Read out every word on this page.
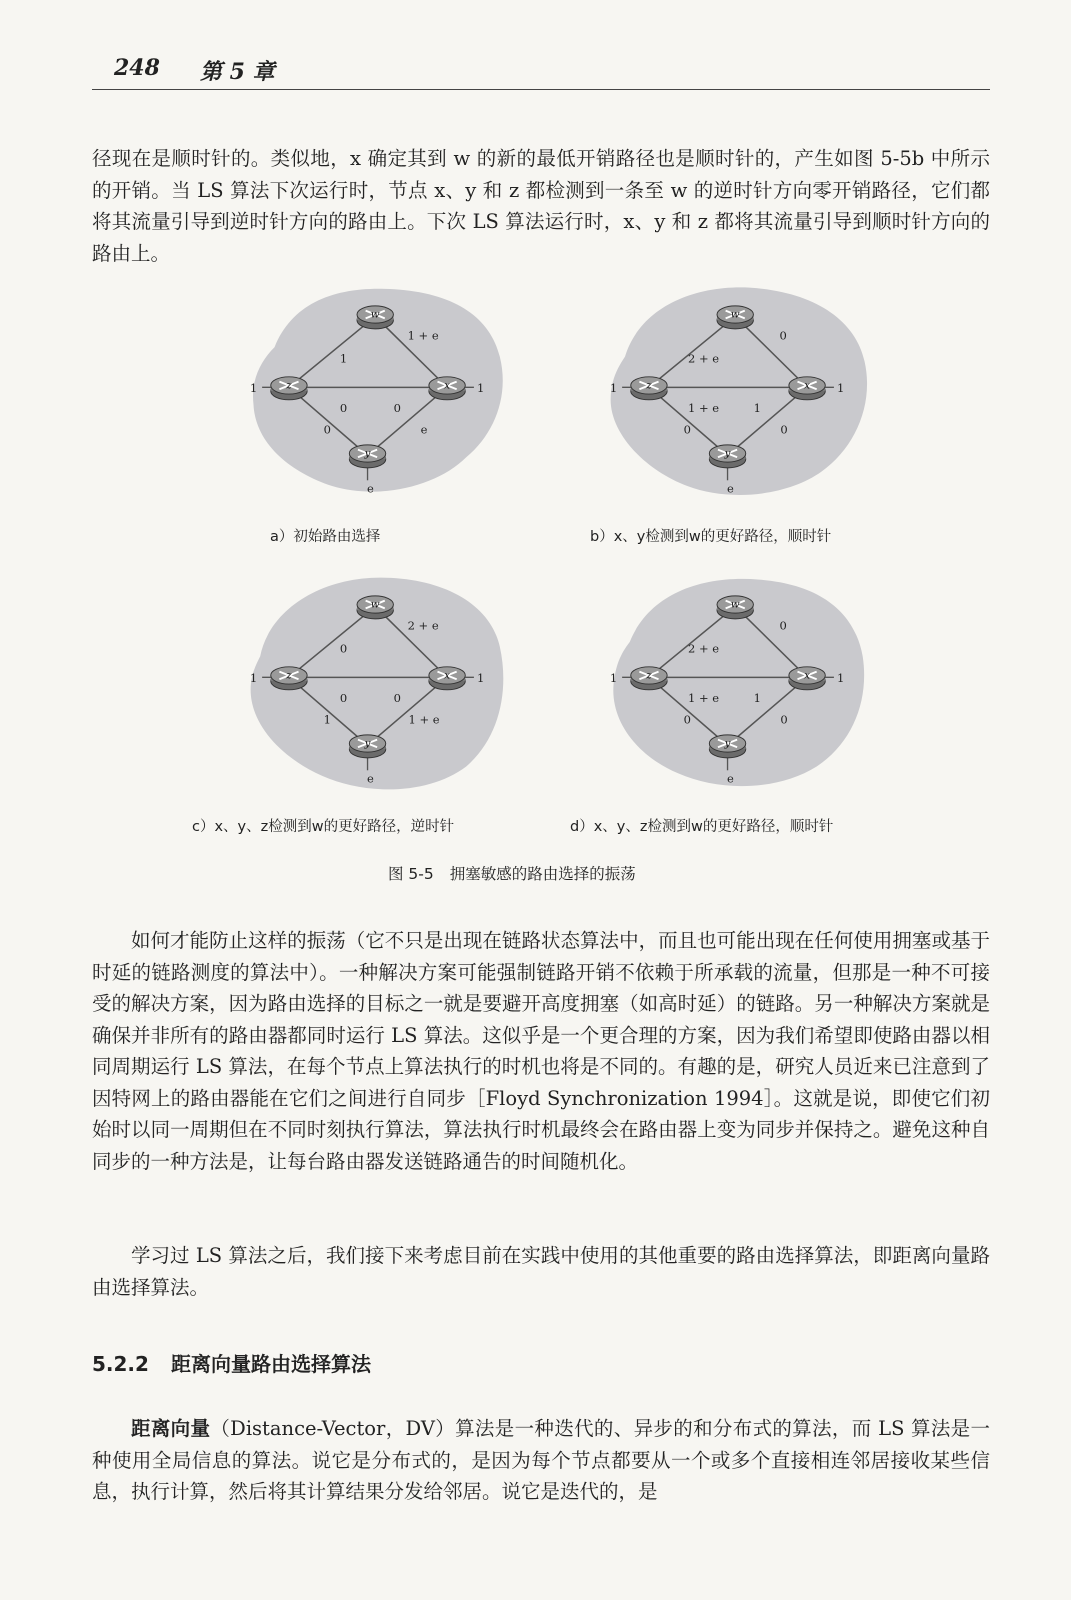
248 第 5 章

径现在是顺时针的。类似地，x 确定其到 w 的新的最低开销路径也是顺时针的，产生如图 5-5b 中所示的开销。当 LS 算法下次运行时，节点 x、y 和 z 都检测到一条至 w 的逆时针方向零开销路径，它们都将其流量引导到逆时针方向的路由上。下次 LS 算法运行时，x、y 和 z 都将其流量引导到顺时针方向的路由上。

w
z	x
y
1
1 + e
0	0
0	e
1	1
e
a）初始路由选择
w
z	x
y
2 + e
0
1 + e	1
0	0
1	1
e
b）x、y检测到w的更好路径，顺时针
w
z	x
y
0
2 + e
0	0
1	1 + e
1	1
e
c）x、y、z检测到w的更好路径，逆时针
w
z	x
y
2 + e
0
1 + e	1
0	0
1	1
e
d）x、y、z检测到w的更好路径，顺时针
图 5-5 拥塞敏感的路由选择的振荡

如何才能防止这样的振荡（它不只是出现在链路状态算法中，而且也可能出现在任何使用拥塞或基于时延的链路测度的算法中）。一种解决方案可能强制链路开销不依赖于所承载的流量，但那是一种不可接受的解决方案，因为路由选择的目标之一就是要避开高度拥塞（如高时延）的链路。另一种解决方案就是确保并非所有的路由器都同时运行 LS 算法。这似乎是一个更合理的方案，因为我们希望即使路由器以相同周期运行 LS 算法，在每个节点上算法执行的时机也将是不同的。有趣的是，研究人员近来已注意到了因特网上的路由器能在它们之间进行自同步［Floyd Synchronization 1994］。这就是说，即使它们初始时以同一周期但在不同时刻执行算法，算法执行时机最终会在路由器上变为同步并保持之。避免这种自同步的一种方法是，让每台路由器发送链路通告的时间随机化。

学习过 LS 算法之后，我们接下来考虑目前在实践中使用的其他重要的路由选择算法，即距离向量路由选择算法。

5.2.2 距离向量路由选择算法

距离向量（Distance-Vector，DV）算法是一种迭代的、异步的和分布式的算法，而 LS 算法是一种使用全局信息的算法。说它是分布式的，是因为每个节点都要从一个或多个直接相连邻居接收某些信息，执行计算，然后将其计算结果分发给邻居。说它是迭代的，是
